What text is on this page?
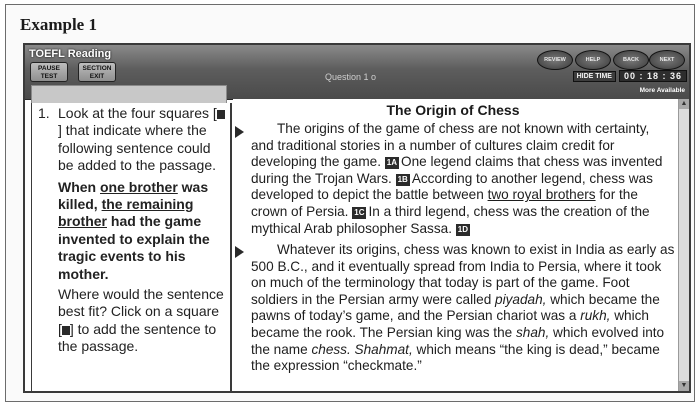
Example 1
TOEFL Reading
PAUSE
TEST
SECTION
EXIT	Question 1 o
REVIEW	HELP	BACK	NEXT
HIDE TIME	00 : 18 : 36
More Available
1. Look at the four squares [] that indicate where the following sentence could be added to the passage.
When one brother was killed, the remaining brother had the game invented to explain the tragic events to his mother.
Where would the sentence best fit? Click on a square [ ] to add the sentence to the passage.
The Origin of Chess
The origins of the game of chess are not known with certainty, and traditional stories in a number of cultures claim credit for developing the game. 1A One legend claims that chess was invented during the Trojan Wars. 1B According to another legend, chess was developed to depict the battle between two royal brothers for the crown of Persia. 1C In a third legend, chess was the creation of the mythical Arab philosopher Sassa. 1D
Whatever its origins, chess was known to exist in India as early as 500 B.C., and it eventually spread from India to Persia, where it took on much of the terminology that today is part of the game. Foot soldiers in the Persian army were called piyadah, which became the pawns of today’s game, and the Persian chariot was a rukh, which became the rook. The Persian king was the shah, which evolved into the name chess. Shahmat, which means “the king is dead,” became the expression “checkmate.”
▲
▼
